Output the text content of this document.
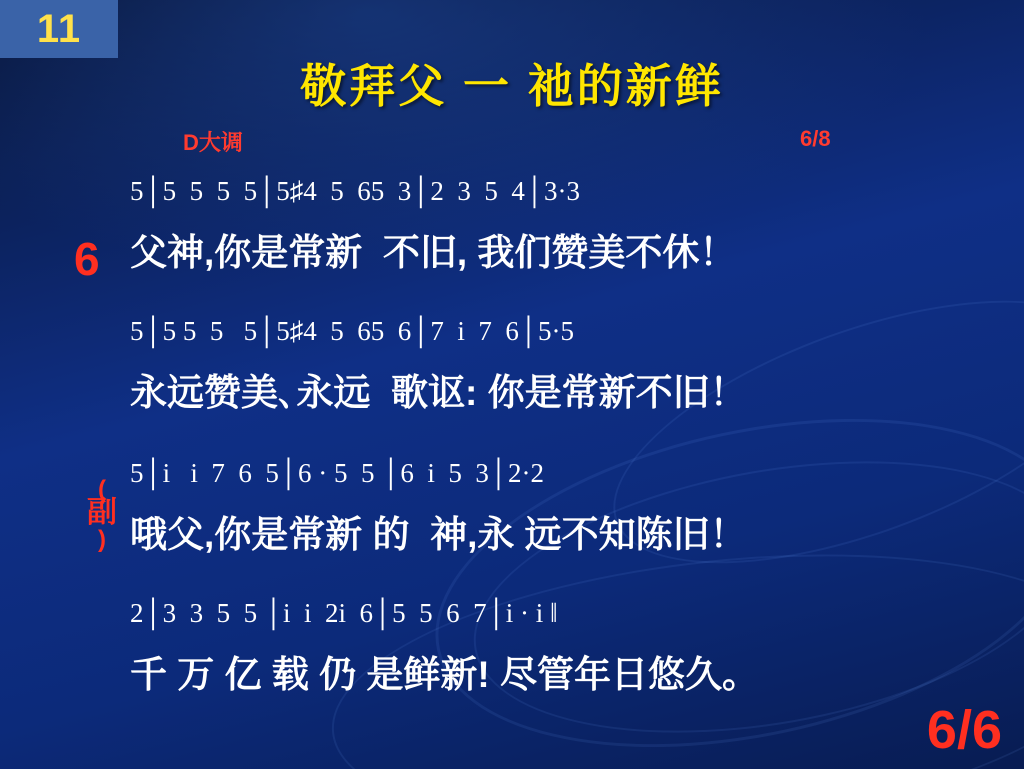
11
敬拜父 一 祂的新鲜
D大调	6/8
6
(
副
)
5│5  5  5  5│5♯4  5  65  3│2  3  5  4│3·3
父神,你是常新  不旧, 我们赞美不休！
5│5 5  5   5│5♯4  5  65  6│7  i  7  6│5·5
永远赞美､永远  歌讴: 你是常新不旧！
5│i   i  7  6  5│6 · 5  5 │6  i  5  3│2·2
哦父,你是常新 的  神,永 远不知陈旧！
2│3  3  5  5 │i  i  2i  6│5  5  6  7│i · i ‖
千 万 亿 载 仍 是鲜新! 尽管年日悠久。
6/6
